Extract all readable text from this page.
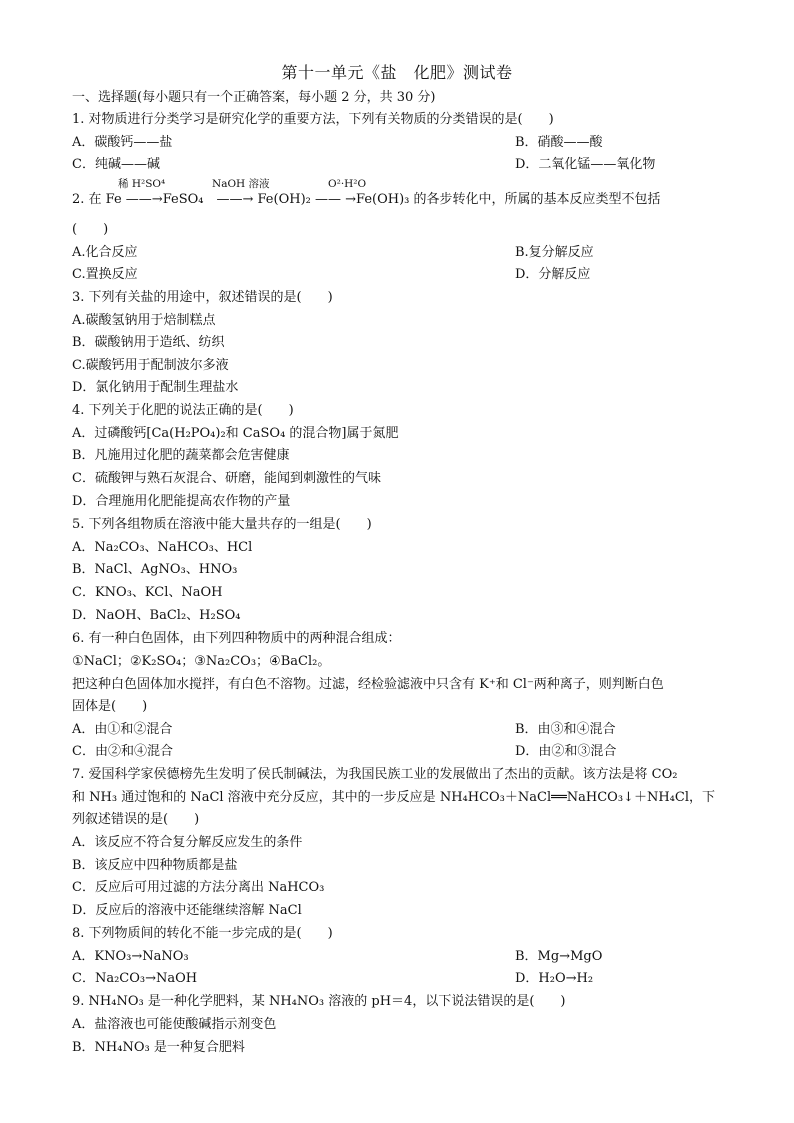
第十一单元《盐　化肥》测试卷
一、选择题(每小题只有一个正确答案，每小题 2 分，共 30 分)
1. 对物质进行分类学习是研究化学的重要方法，下列有关物质的分类错误的是(　　)
A．碳酸钙——盐	B．硝酸——酸
C．纯碱——碱	D．二氧化锰——氧化物
稀 H²SO⁴	NaOH 溶液	O²·H²O
2. 在 Fe ——→FeSO₄　——→ Fe(OH)₂ —— →Fe(OH)₃ 的各步转化中，所属的基本反应类型不包括
(　　)
A.化合反应	B.复分解反应
C.置换反应	D．分解反应
3. 下列有关盐的用途中，叙述错误的是(　　)
A.碳酸氢钠用于焙制糕点
B．碳酸钠用于造纸、纺织
C.碳酸钙用于配制波尔多液
D．氯化钠用于配制生理盐水
4. 下列关于化肥的说法正确的是(　　)
A．过磷酸钙[Ca(H₂PO₄)₂和 CaSO₄ 的混合物]属于氮肥
B．凡施用过化肥的蔬菜都会危害健康
C．硫酸钾与熟石灰混合、研磨，能闻到刺激性的气味
D．合理施用化肥能提高农作物的产量
5. 下列各组物质在溶液中能大量共存的一组是(　　)
A．Na₂CO₃、NaHCO₃、HCl
B．NaCl、AgNO₃、HNO₃
C．KNO₃、KCl、NaOH
D．NaOH、BaCl₂、H₂SO₄
6. 有一种白色固体，由下列四种物质中的两种混合组成：
①NaCl；②K₂SO₄；③Na₂CO₃；④BaCl₂。
把这种白色固体加水搅拌，有白色不溶物。过滤，经检验滤液中只含有 K⁺和 Cl⁻两种离子，则判断白色
固体是(　　)
A．由①和②混合	B．由③和④混合
C．由②和④混合	D．由②和③混合
7. 爱国科学家侯德榜先生发明了侯氏制碱法，为我国民族工业的发展做出了杰出的贡献。该方法是将 CO₂
和 NH₃ 通过饱和的 NaCl 溶液中充分反应，其中的一步反应是 NH₄HCO₃＋NaCl══NaHCO₃↓＋NH₄Cl，下
列叙述错误的是(　　)
A．该反应不符合复分解反应发生的条件
B．该反应中四种物质都是盐
C．反应后可用过滤的方法分离出 NaHCO₃
D．反应后的溶液中还能继续溶解 NaCl
8. 下列物质间的转化不能一步完成的是(　　)
A．KNO₃→NaNO₃	B．Mg→MgO
C．Na₂CO₃→NaOH	D．H₂O→H₂
9. NH₄NO₃ 是一种化学肥料，某 NH₄NO₃ 溶液的 pH＝4，以下说法错误的是(　　)
A．盐溶液也可能使酸碱指示剂变色
B．NH₄NO₃ 是一种复合肥料
